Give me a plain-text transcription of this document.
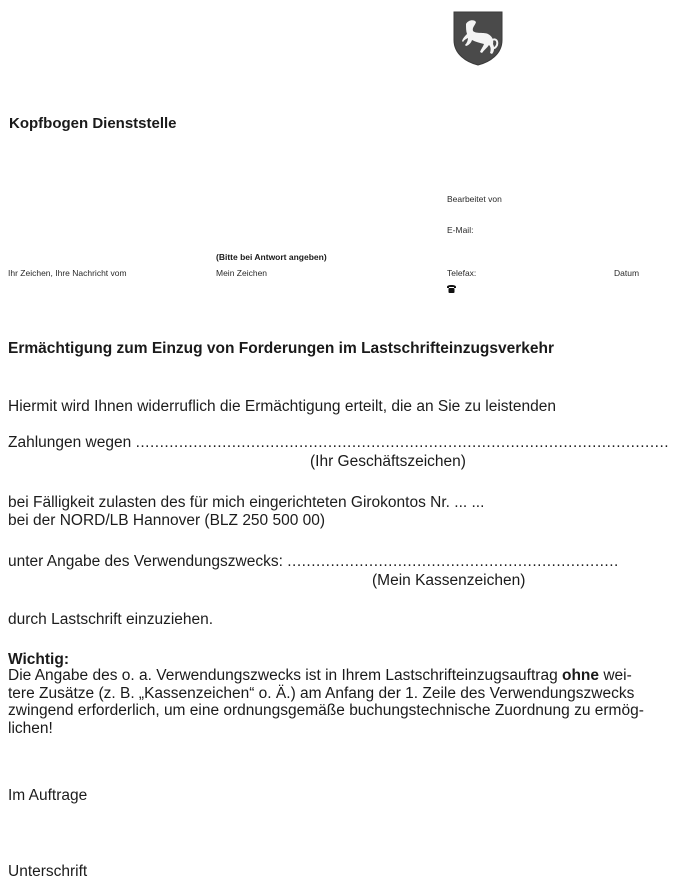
Kopfbogen Dienststelle
Bearbeitet von
E-Mail:
(Bitte bei Antwort angeben)
Ihr Zeichen, Ihre Nachricht vom	Mein Zeichen	Telefax:	Datum
Ermächtigung zum Einzug von Forderungen im Lastschrifteinzugsverkehr
Hiermit wird Ihnen widerruflich die Ermächtigung erteilt, die an Sie zu leistenden
Zahlungen wegen ...............................................................................................................
(Ihr Geschäftszeichen)
bei Fälligkeit zulasten des für mich eingerichteten Girokontos Nr. ... ...
bei der NORD/LB Hannover (BLZ 250 500 00)
unter Angabe des Verwendungszwecks: .....................................................................
(Mein Kassenzeichen)
durch Lastschrift einzuziehen.
Wichtig:
Die Angabe des o. a. Verwendungszwecks ist in Ihrem Lastschrifteinzugsauftrag ohne wei-
tere Zusätze (z. B. „Kassenzeichen“ o. Ä.) am Anfang der 1. Zeile des Verwendungszwecks
zwingend erforderlich, um eine ordnungsgemäße buchungstechnische Zuordnung zu ermög-
lichen!
Im Auftrage
Unterschrift
